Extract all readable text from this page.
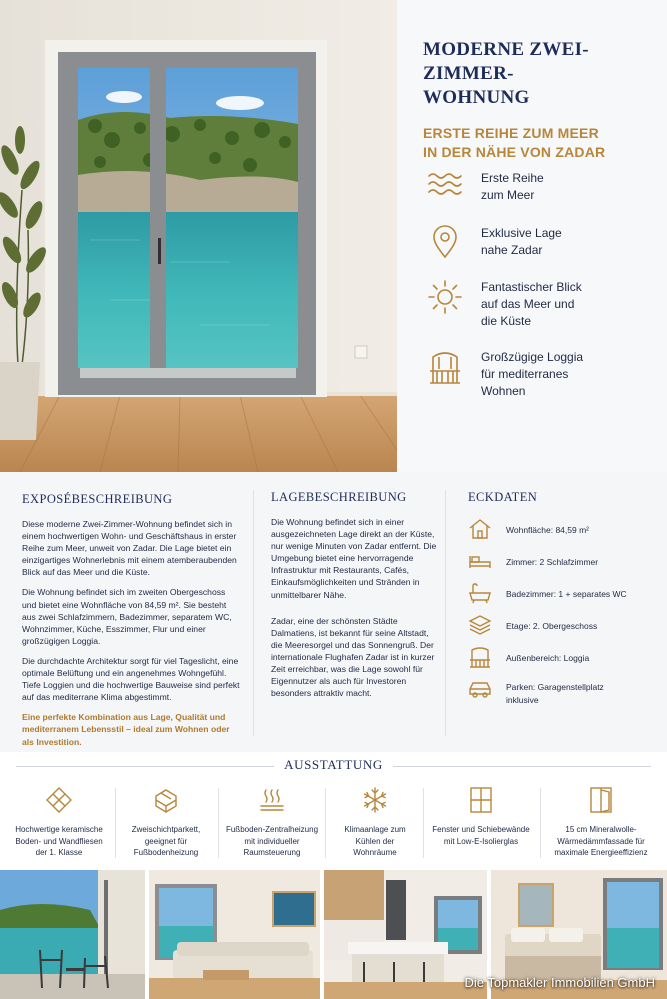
MODERNE ZWEI-ZIMMER-
WOHNUNG
ERSTE REIHE ZUM MEER
IN DER NÄHE VON ZADAR
Erste Reihe
zum Meer
Exklusive Lage
nahe Zadar
Fantastischer Blick
auf das Meer und
die Küste
Großzügige Loggia
für mediterranes
Wohnen
EXPOSÉBESCHREIBUNG

Diese moderne Zwei-Zimmer-Wohnung befindet sich in einem hochwertigen Wohn- und Geschäftshaus in erster Reihe zum Meer, unweit von Zadar. Die Lage bietet ein einzigartiges Wohnerlebnis mit einem atemberaubenden Blick auf das Meer und die Küste.

Die Wohnung befindet sich im zweiten Obergeschoss und bietet eine Wohnfläche von 84,59 m². Sie besteht aus zwei Schlafzimmern, Badezimmer, separatem WC, Wohnzimmer, Küche, Esszimmer, Flur und einer großzügigen Loggia.

Die durchdachte Architektur sorgt für viel Tageslicht, eine optimale Belüftung und ein angenehmes Wohngefühl. Tiefe Loggien und die hochwertige Bauweise sind perfekt auf das mediterrane Klima abgestimmt.

Eine perfekte Kombination aus Lage, Qualität und mediterranem Lebensstil – ideal zum Wohnen oder als Investition.

LAGEBESCHREIBUNG

Die Wohnung befindet sich in einer ausgezeichneten Lage direkt an der Küste, nur wenige Minuten von Zadar entfernt. Die Umgebung bietet eine hervorragende Infrastruktur mit Restaurants, Cafés, Einkaufsmöglichkeiten und Stränden in unmittelbarer Nähe.

Zadar, eine der schönsten Städte Dalmatiens, ist bekannt für seine Altstadt, die Meeresorgel und das Sonnengruß. Der internationale Flughafen Zadar ist in kurzer Zeit erreichbar, was die Lage sowohl für Eigennutzer als auch für Investoren besonders attraktiv macht.

ECKDATEN
Wohnfläche: 84,59 m²
Zimmer: 2 Schlafzimmer
Badezimmer: 1 + separates WC
Etage: 2. Obergeschoss
Außenbereich: Loggia
Parken: Garagenstellplatz
inklusive
AUSSTATTUNG
Hochwertige keramische
Boden- und Wandfliesen
der 1. Klasse
Zweischichtparkett,
geeignet für
Fußbodenheizung
Fußboden-Zentralheizung
mit individueller
Raumsteuerung
Klimaanlage zum
Kühlen der
Wohnräume
Fenster und Schiebewände
mit Low-E-Isolierglas
15 cm Mineralwolle-
Wärmedämmfassade für
maximale Energieeffizienz
Die Topmakler Immobilien GmbH
